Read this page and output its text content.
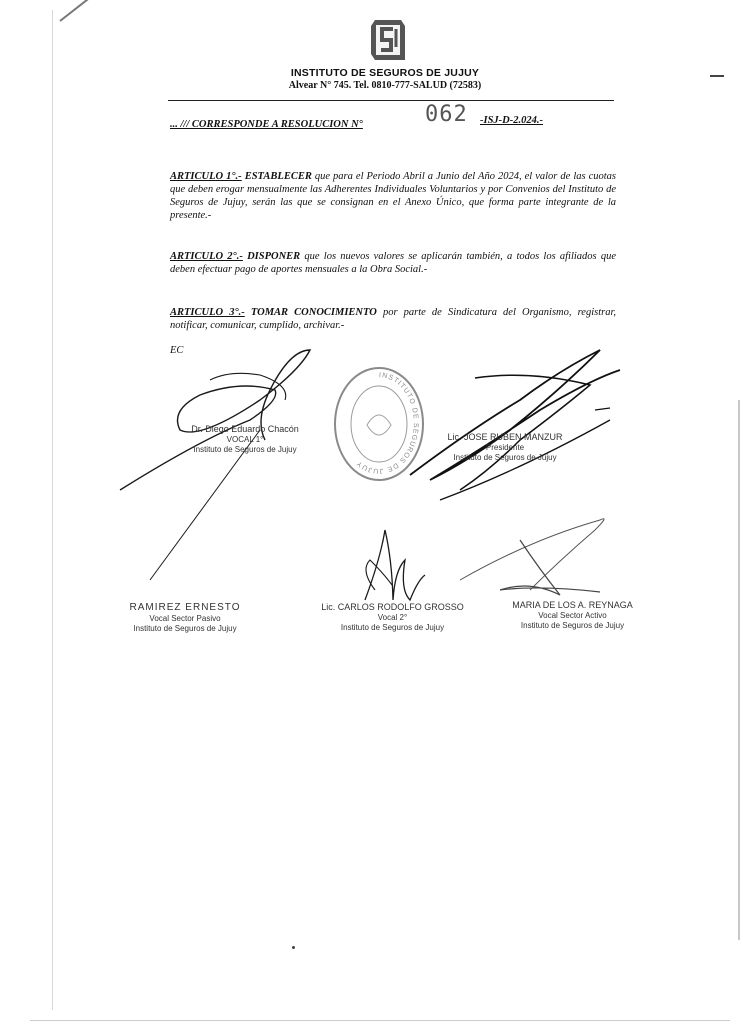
INSTITUTO DE SEGUROS DE JUJUY
Alvear N° 745. Tel. 0810-777-SALUD (72583)
... /// CORRESPONDE A RESOLUCION N°	062 -ISJ-D-2.024.-
ARTICULO 1°.- ESTABLECER que para el Periodo Abril a Junio del Año 2024, el valor de las cuotas que deben erogar mensualmente las Adherentes Individuales Voluntarios y por Convenios del Instituto de Seguros de Jujuy, serán las que se consignan en el Anexo Único, que forma parte integrante de la presente.-
ARTICULO 2°.- DISPONER que los nuevos valores se aplicarán también, a todos los afiliados que deben efectuar pago de aportes mensuales a la Obra Social.-
ARTICULO 3°.- TOMAR CONOCIMIENTO por parte de Sindicatura del Organismo, registrar, notificar, comunicar, cumplido, archivar.-
EC
INSTITUTO DE SEGUROS DE JUJUY
Dr. Diego Eduardo Chacón
VOCAL 1°
Instituto de Seguros de Jujuy
Lic. JOSE RUBEN MANZUR
Presidente
Instituto de Seguros de Jujuy
RAMIREZ ERNESTO
Vocal Sector Pasivo
Instituto de Seguros de Jujuy
Lic. CARLOS RODOLFO GROSSO
Vocal 2°
Instituto de Seguros de Jujuy
MARIA DE LOS A. REYNAGA
Vocal Sector Activo
Instituto de Seguros de Jujuy
